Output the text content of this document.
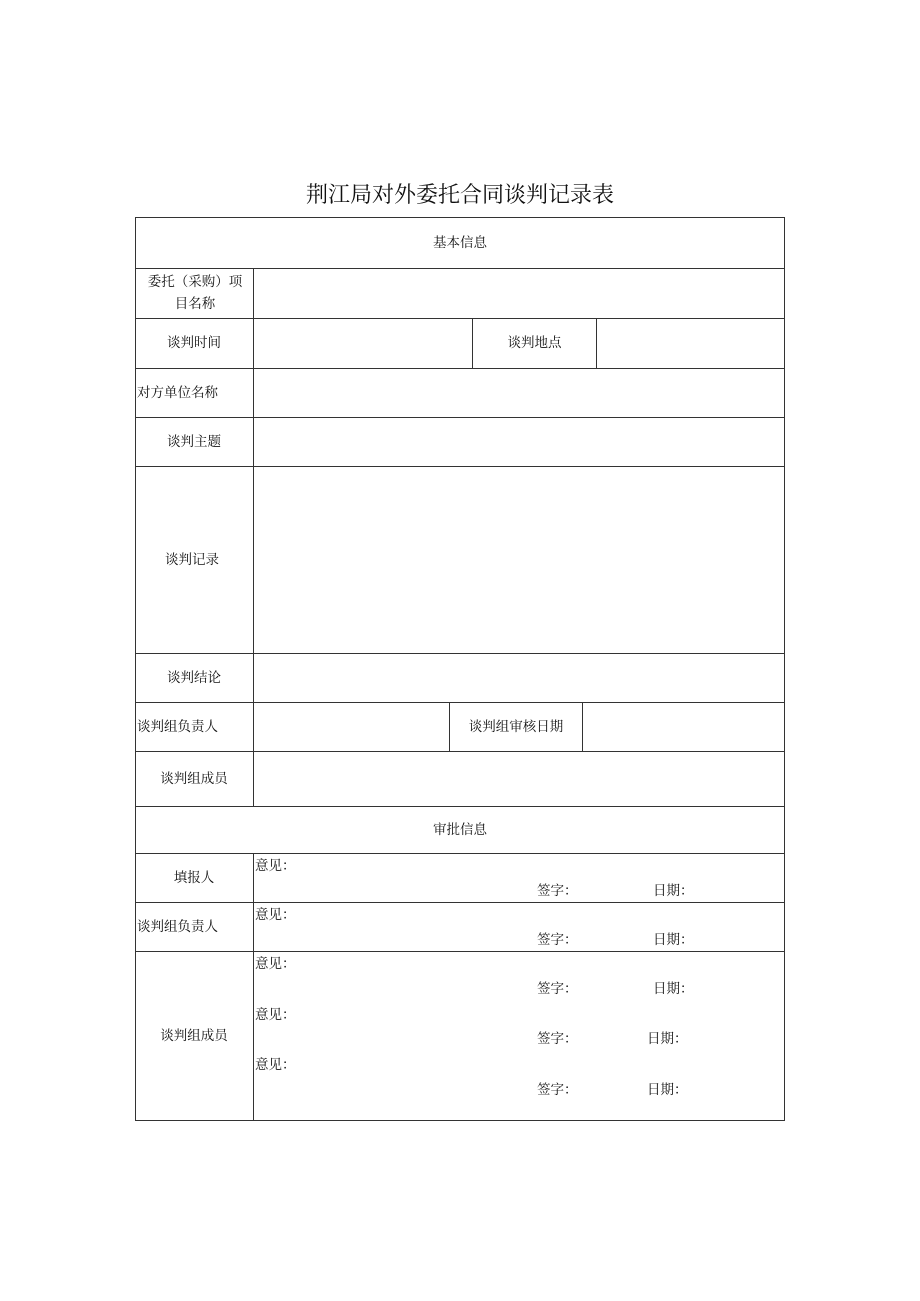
荆江局对外委托合同谈判记录表
基本信息
委托（采购）项目名称
谈判时间	谈判地点
对方单位名称
谈判主题
谈判记录
谈判结论
谈判组负责人	谈判组审核日期
谈判组成员
审批信息
填报人
意见：
签字：	日期：
谈判组负责人
意见：
签字：	日期：
谈判组成员
意见：
签字：	日期：
意见：
签字：	日期：
意见：
签字：	日期：
